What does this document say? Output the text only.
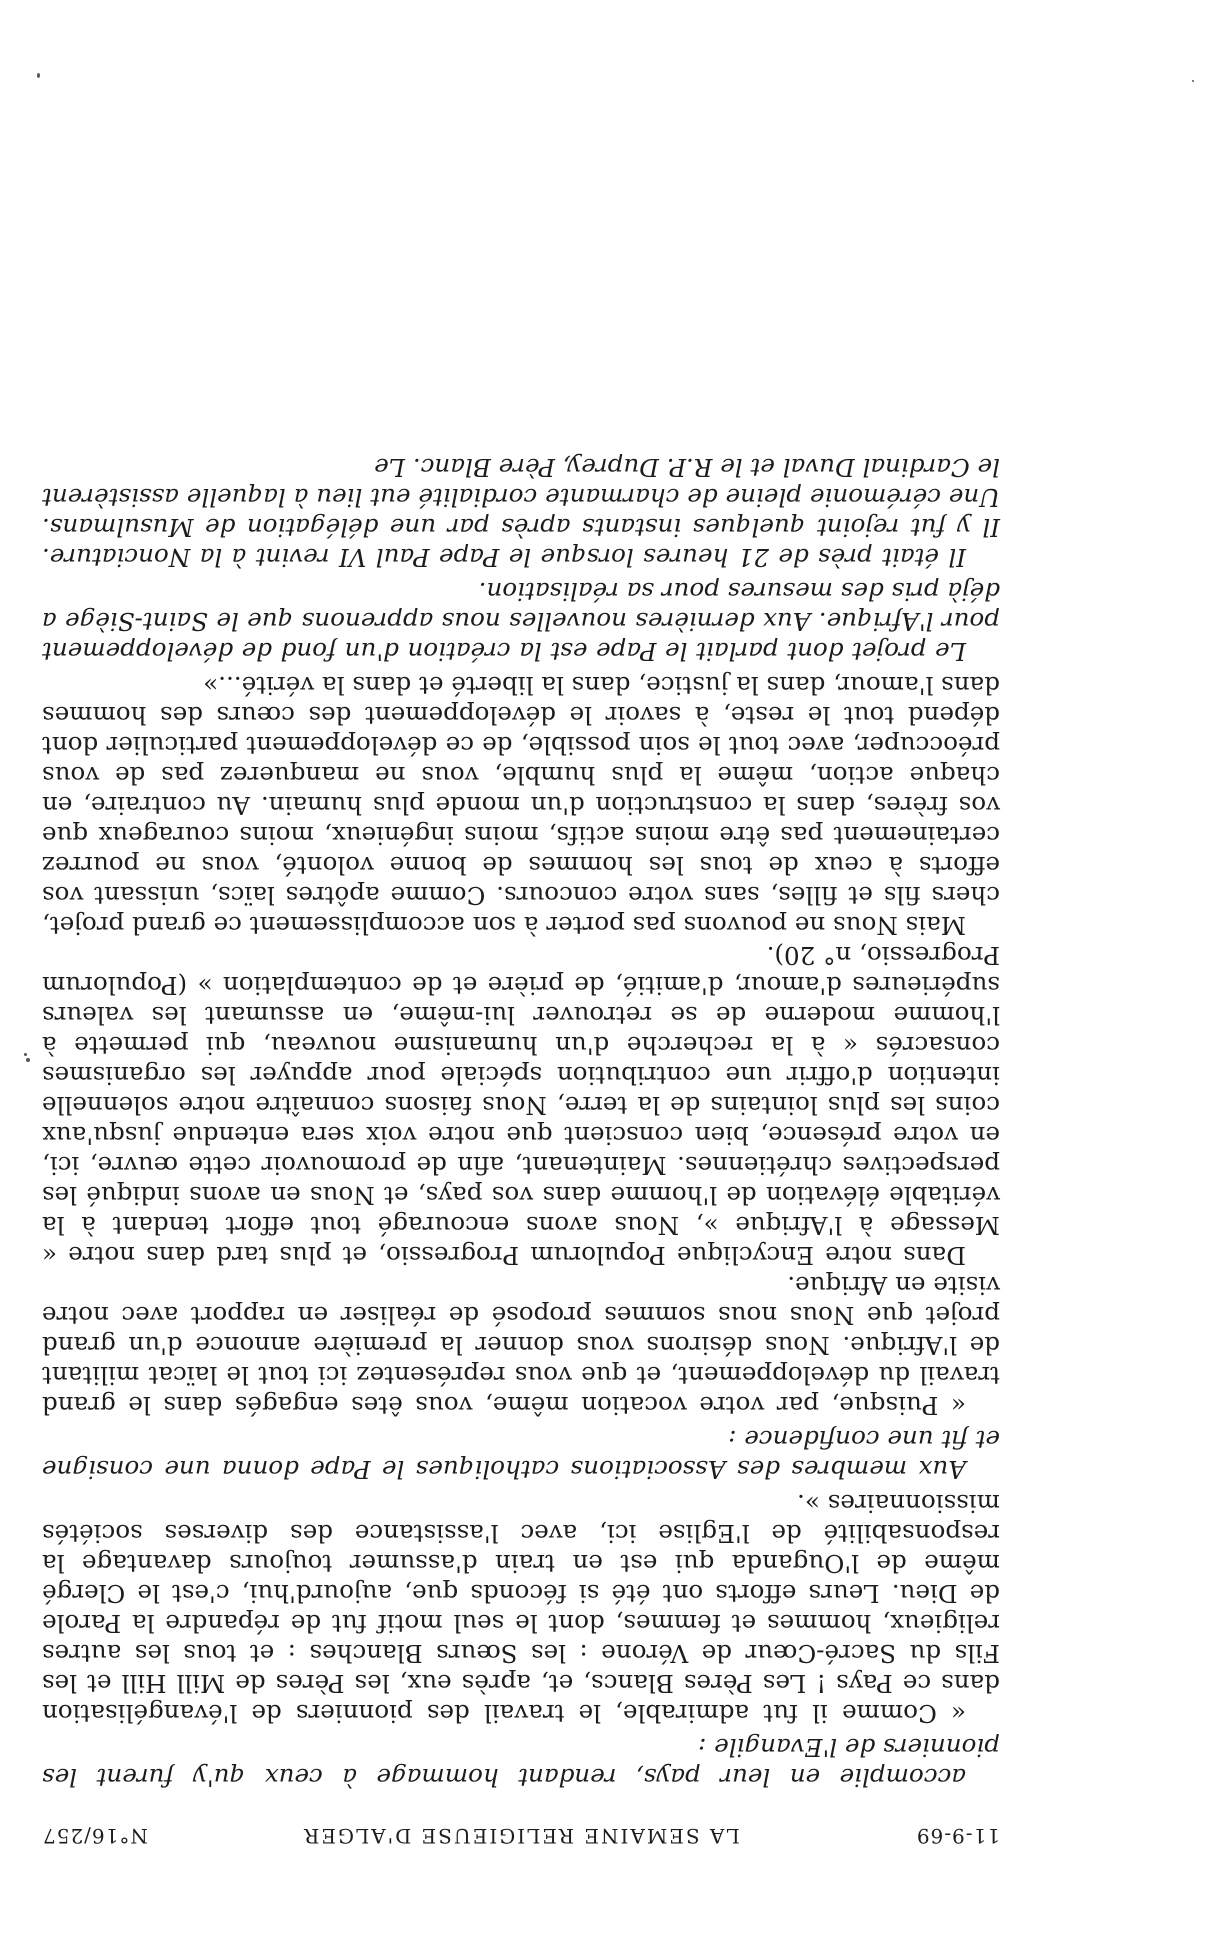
11-9-69
LA SEMAINE RELIGIEUSE D'ALGER
N°16/257

accomplie en leur pays, rendant hommage à ceux qu'y furent les pionniers de l'Evangile :

« Comme il fut admirable, le travail des pionniers de l'évangélisation dans ce Pays ! Les Pères Blancs, et, après eux, les Pères de Mill Hill et les Fils du Sacré-Cœur de Vérone : les Sœurs Blanches : et tous les autres religieux, hommes et femmes, dont le seul motif fut de répandre la Parole de Dieu. Leurs efforts ont été si féconds que, aujourd'hui, c'est le Clergé même de l'Ouganda qui est en train d'assumer toujours davantage la responsabilité de l'Eglise ici, avec l'assistance des diverses sociétés missionnaires ».

Aux membres des Associations catholiques le Pape donna une consigne et fit une confidence :

« Puisque, par votre vocation même, vous êtes engagés dans le grand travail du développement, et que vous représentez ici tout le laïcat militant de l'Afrique. Nous désirons vous donner la première annonce d'un grand projet que Nous nous sommes proposé de réaliser en rapport avec notre visite en Afrique.

Dans notre Encyclique Populorum Progressio, et plus tard dans notre « Message à l'Afrique », Nous avons encouragé tout effort tendant à la véritable élévation de l'homme dans vos pays, et Nous en avons indiqué les perspectives chrétiennes. Maintenant, afin de promouvoir cette œuvre, ici, en votre présence, bien conscient que notre voix sera entendue jusqu'aux coins les plus lointains de la terre, Nous faisons connaître notre solennelle intention d'offrir une contribution spéciale pour appuyer les organismes consacrés « à la recherche d'un humanisme nouveau, qui permette à l'homme moderne de se retrouver lui-même, en assumant les valeurs supérieures d'amour, d'amitié, de prière et de contemplation » (Populorum Progressio, n° 20).

Mais Nous ne pouvons pas porter à son accomplissement ce grand projet, chers fils et filles, sans votre concours. Comme apôtres laïcs, unissant vos efforts à ceux de tous les hommes de bonne volonté, vous ne pourrez certainement pas être moins actifs, moins ingénieux, moins courageux que vos frères, dans la construction d'un monde plus humain. Au contraire, en chaque action, même la plus humble, vous ne manquerez pas de vous préoccuper, avec tout le soin possible, de ce développement particulier dont dépend tout le reste, à savoir le développement des cœurs des hommes dans l'amour, dans la justice, dans la liberté et dans la vérité...»

Le projet dont parlait le Pape est la création d'un fond de développement pour l'Afrique. Aux dernières nouvelles nous apprenons que le Saint-Siège a déjà pris des mesures pour sa réalisation.

Il était près de 21 heures lorsque le Pape Paul VI revint à la Nonciature. Il y fut rejoint quelques instants après par une délégation de Musulmans. Une cérémonie pleine de charmante cordialité eut lieu à laquelle assistèrent le Cardinal Duval et le R.P. Duprey, Père Blanc. Le
